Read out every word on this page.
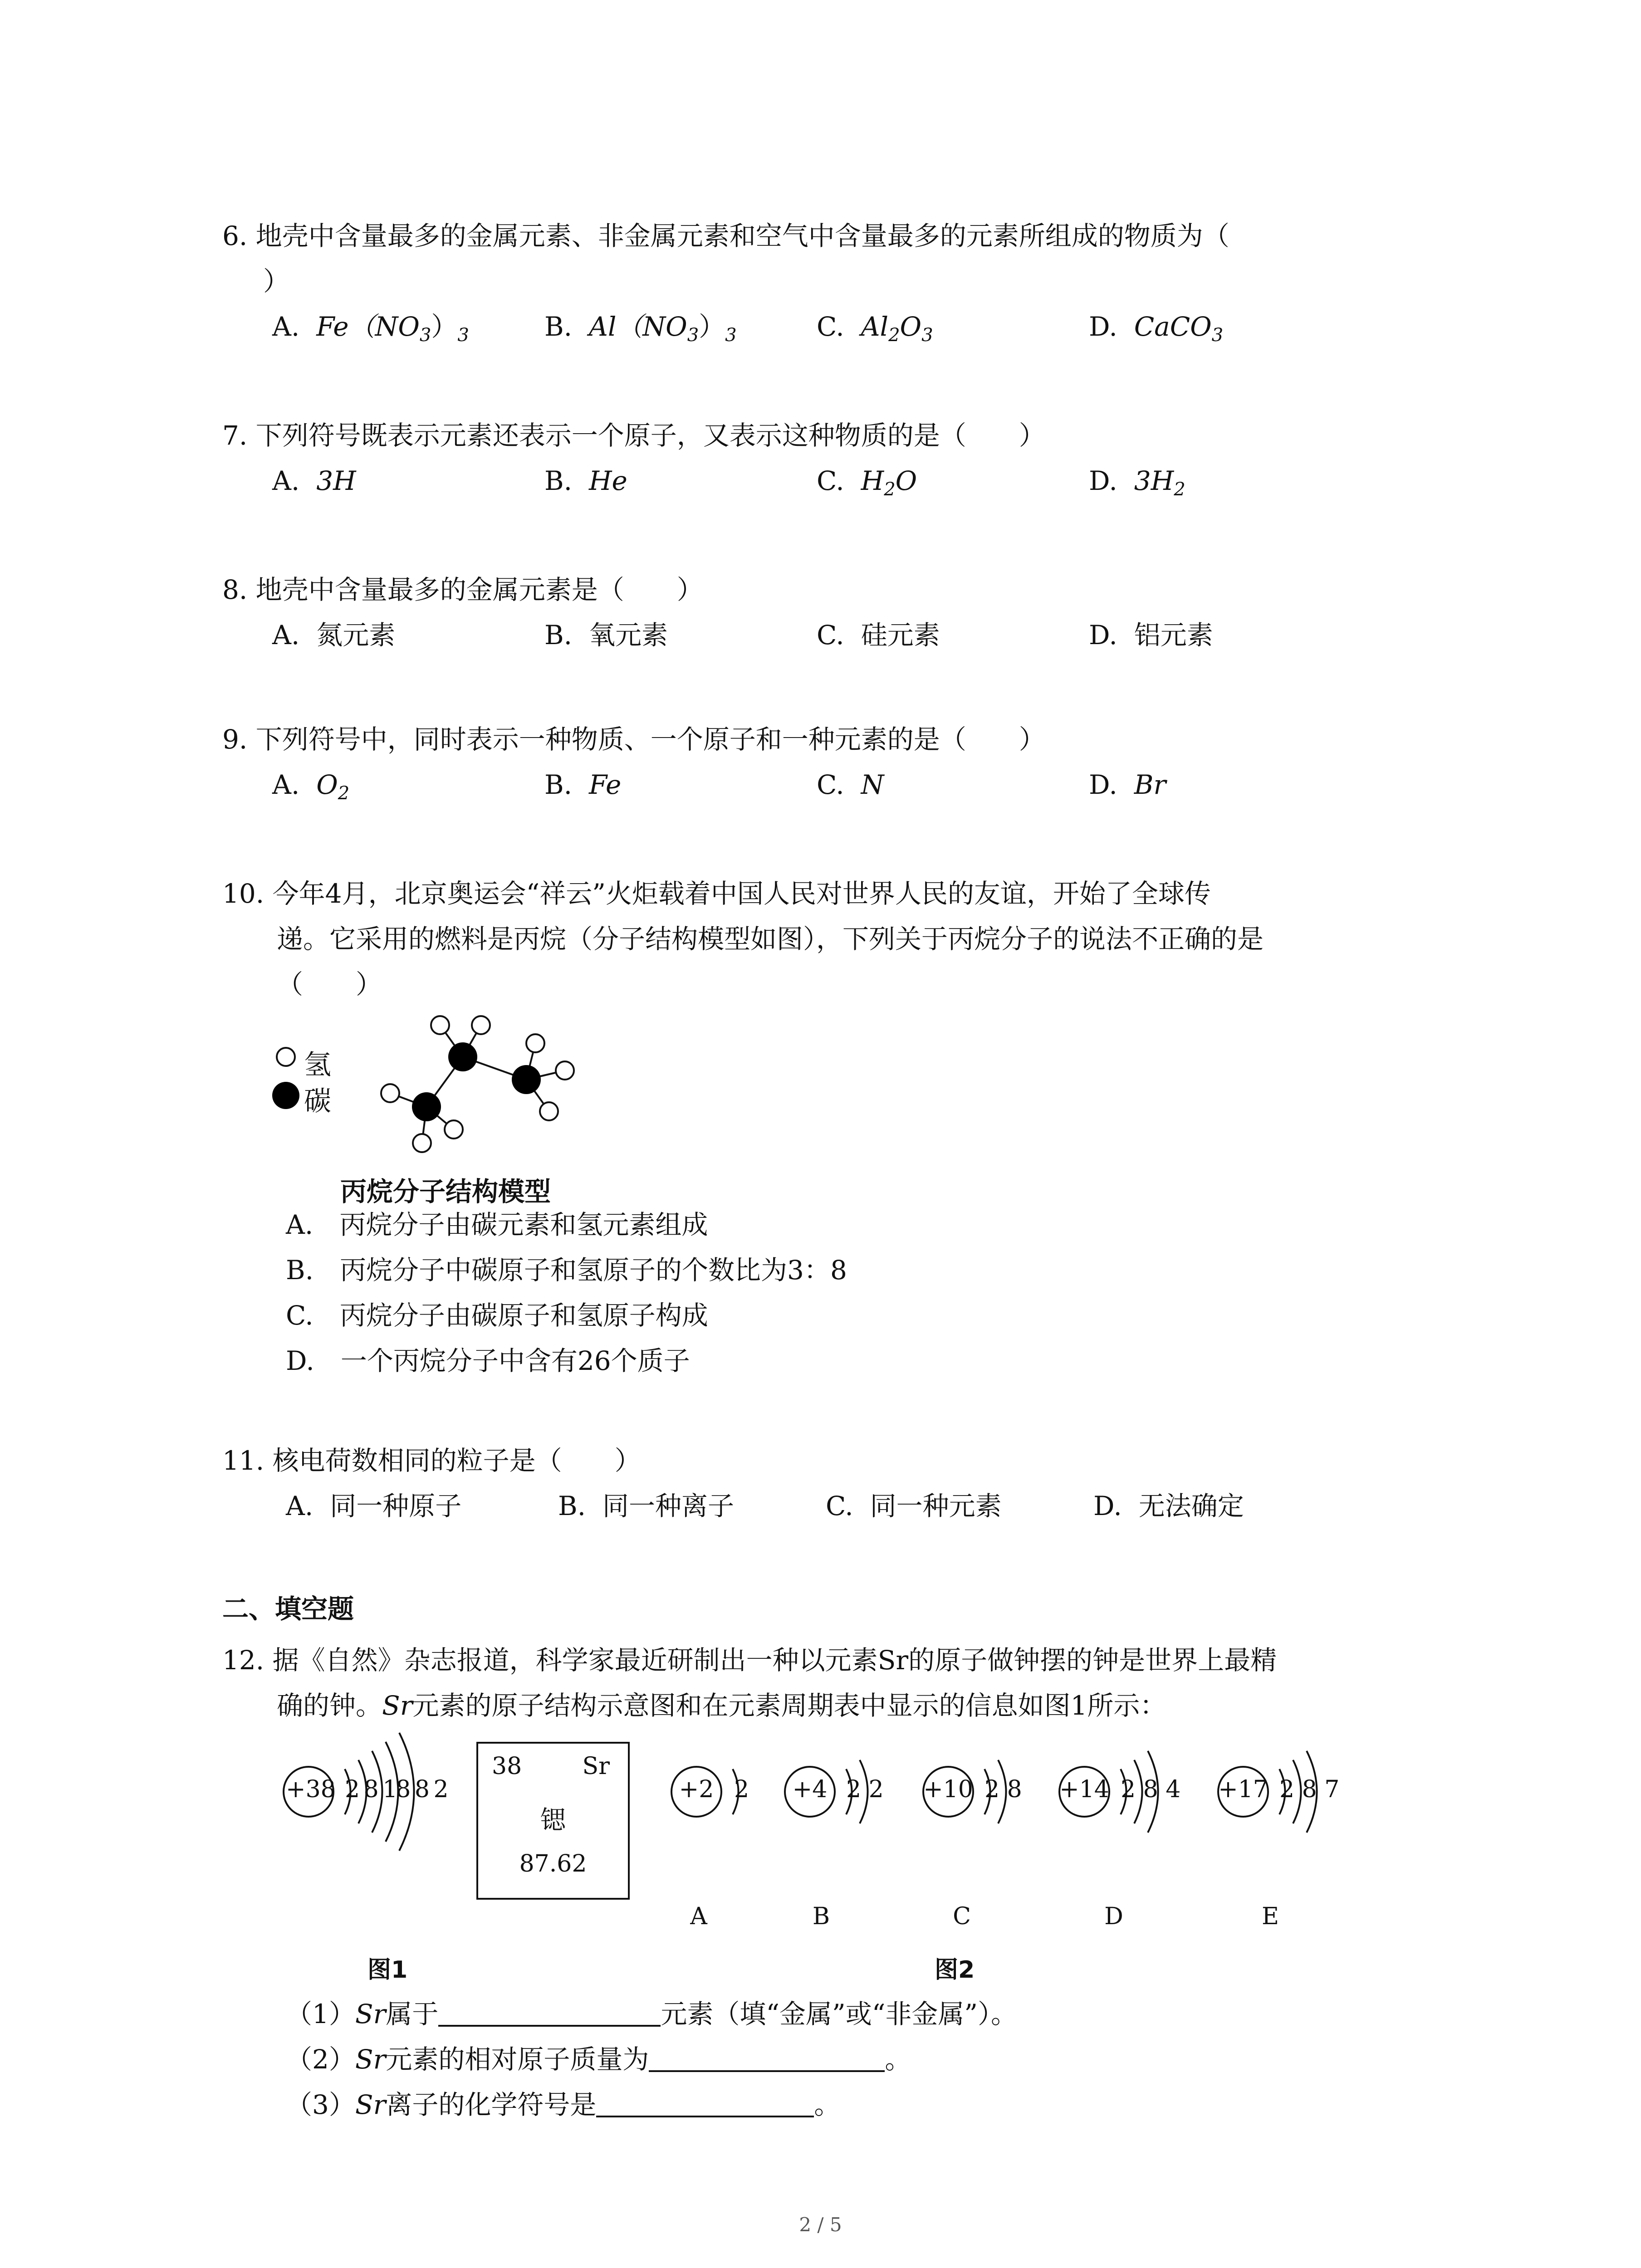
6. 地壳中含量最多的金属元素、非金属元素和空气中含量最多的元素所组成的物质为（
）
A. $Fe(NO_3)_3$	B. $Al(NO_3)_3$	C. $Al_2O_3$	D. CaCO$_3$
7. 下列符号既表示元素还表示一个原子，又表示这种物质的是（　　）
A. 3H	B. He	C. $H_2O$	D. $3H_2$
8. 地壳中含量最多的金属元素是（　　）
A. 氮元素	B. 氧元素	C. 硅元素	D. 铝元素
9. 下列符号中，同时表示一种物质、一个原子和一种元素的是（　　）
A. $O_2$	B. Fe	C. N	D. Br
10. 今年4月，北京奥运会“祥云”火炬载着中国人民对世界人民的友谊，开始了全球传
递。它采用的燃料是丙烷（分子结构模型如图），下列关于丙烷分子的说法不正确的是
（　　）
氢
碳
丙烷分子结构模型
A.　丙烷分子由碳元素和氢元素组成
B.　丙烷分子中碳原子和氢原子的个数比为3：8
C.　丙烷分子由碳原子和氢原子构成
D.　一个丙烷分子中含有26个质子
11. 核电荷数相同的粒子是（　　）
A. 同一种原子	B. 同一种离子	C. 同一种元素	D. 无法确定
二、填空题
12. 据《自然》杂志报道，科学家最近研制出一种以元素Sr的原子做钟摆的钟是世界上最精
确的钟。Sr元素的原子结构示意图和在元素周期表中显示的信息如图1所示：
+38 2 8 18 8 2
38	Sr
锶
87.62
+2 2
A
+4 2 2
B
+10 2 8
C
+14 2 8 4
D
+17 2 8 7
E
图1	图2
（1）Sr属于	元素（填“金属”或“非金属”）。
（2）Sr元素的相对原子质量为	。
（3）Sr离子的化学符号是	。
2 / 5
